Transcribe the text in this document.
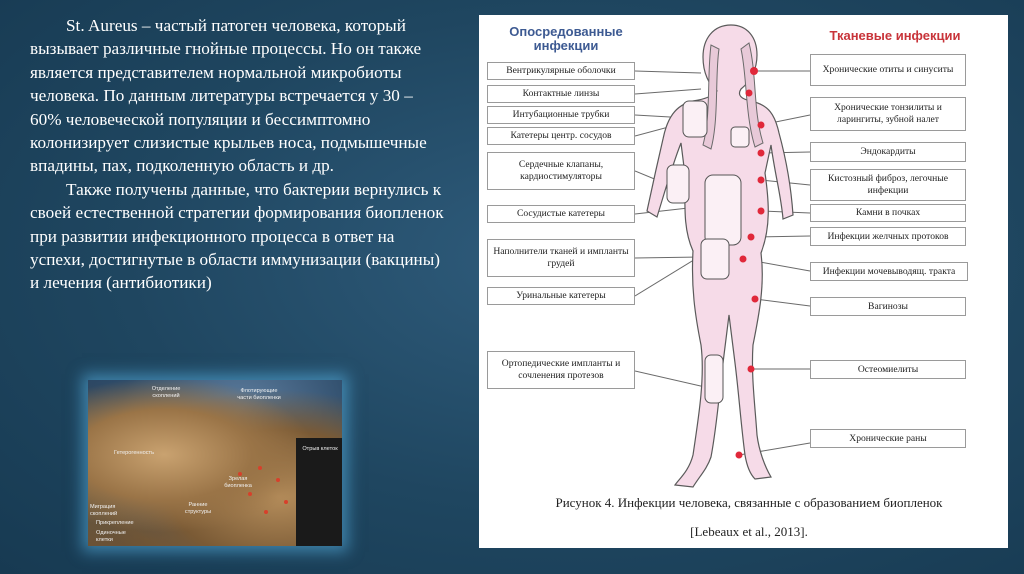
St. Aureus – частый патоген человека, который вызывает различные гнойные процессы. Но он также является представителем нормальной микробиоты человека. По данным литературы встречается у 30 – 60% человеческой популяции и бессимптомно колонизирует слизистые крыльев носа, подмышечные впадины, пах, подколенную область и др.

Также получены данные, что бактерии вернулись к своей естественной стратегии формирования биопленок при развитии инфекционного процесса в ответ на успехи, достигнутые в области иммунизации (вакцины) и лечения (антибиотики)

Отделение скоплений
Флотирующие части биопленки
Гетерогенность
Зрелая биопленка
Ранние структуры
Миграция скоплений
Прикрепление
Одиночные клетки
Отрыв клеток
Опосредованные инфекции
Тканевые инфекции
Вентрикулярные оболочки
Контактные линзы
Интубационные трубки
Катетеры центр. сосудов
Сердечные клапаны, кардиостимуляторы
Сосудистые катетеры
Наполнители тканей и импланты грудей
Уринальные катетеры
Ортопедические импланты и сочленения протезов
Хронические отиты и синуситы
Хронические тонзилиты и ларингиты, зубной налет
Эндокардиты
Кистозный фиброз, легочные инфекции
Камни в почках
Инфекции желчных протоков
Инфекции мочевыводящ. тракта
Вагинозы
Остеомиелиты
Хронические раны
Рисунок 4. Инфекции человека, связанные с образованием биопленок
[Lebeaux et al., 2013].
